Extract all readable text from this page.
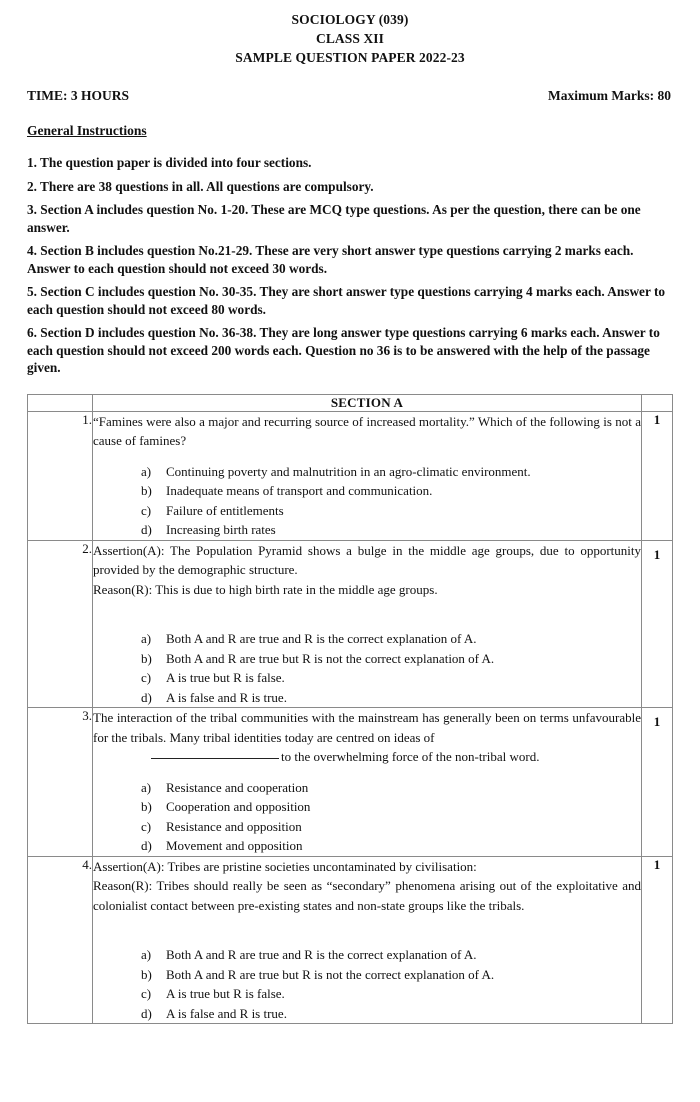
SOCIOLOGY (039)
CLASS XII
SAMPLE QUESTION PAPER 2022-23
TIME: 3 HOURS	Maximum Marks: 80
General Instructions
1. The question paper is divided into four sections.
2. There are 38 questions in all. All questions are compulsory.
3. Section A includes question No. 1-20. These are MCQ type questions. As per the question, there can be one answer.
4. Section B includes question No.21-29. These are very short answer type questions carrying 2 marks each. Answer to each question should not exceed 30 words.
5. Section C includes question No. 30-35. They are short answer type questions carrying 4 marks each. Answer to each question should not exceed 80 words.
6. Section D includes question No. 36-38. They are long answer type questions carrying 6 marks each. Answer to each question should not exceed 200 words each. Question no 36 is to be answered with the help of the passage given.
	SECTION A	
1.	“Famines were also a major and recurring source of increased mortality.” Which of the following is not a cause of famines?

a)	Continuing poverty and malnutrition in an agro-climatic environment.
b)	Inadequate means of transport and communication.
c)	Failure of entitlements
d)	Increasing birth rates
	1
2.	Assertion(A): The Population Pyramid shows a bulge in the middle age groups, due to opportunity provided by the demographic structure.

Reason(R): This is due to high birth rate in the middle age groups.

a)	Both A and R are true and R is the correct explanation of A.
b)	Both A and R are true but R is not the correct explanation of A.
c)	A is true but R is false.
d)	A is false and R is true.
	1
3.	The interaction of the tribal communities with the mainstream has generally been on terms unfavourable for the tribals. Many tribal identities today are centred on ideas of

to the overwhelming force of the non-tribal word.

a)	Resistance and cooperation
b)	Cooperation and opposition
c)	Resistance and opposition
d)	Movement and opposition
	1
4.	Assertion(A): Tribes are pristine societies uncontaminated by civilisation:

Reason(R): Tribes should really be seen as “secondary” phenomena arising out of the exploitative and colonialist contact between pre-existing states and non-state groups like the tribals.

a)	Both A and R are true and R is the correct explanation of A.
b)	Both A and R are true but R is not the correct explanation of A.
c)	A is true but R is false.
d)	A is false and R is true.
	1
